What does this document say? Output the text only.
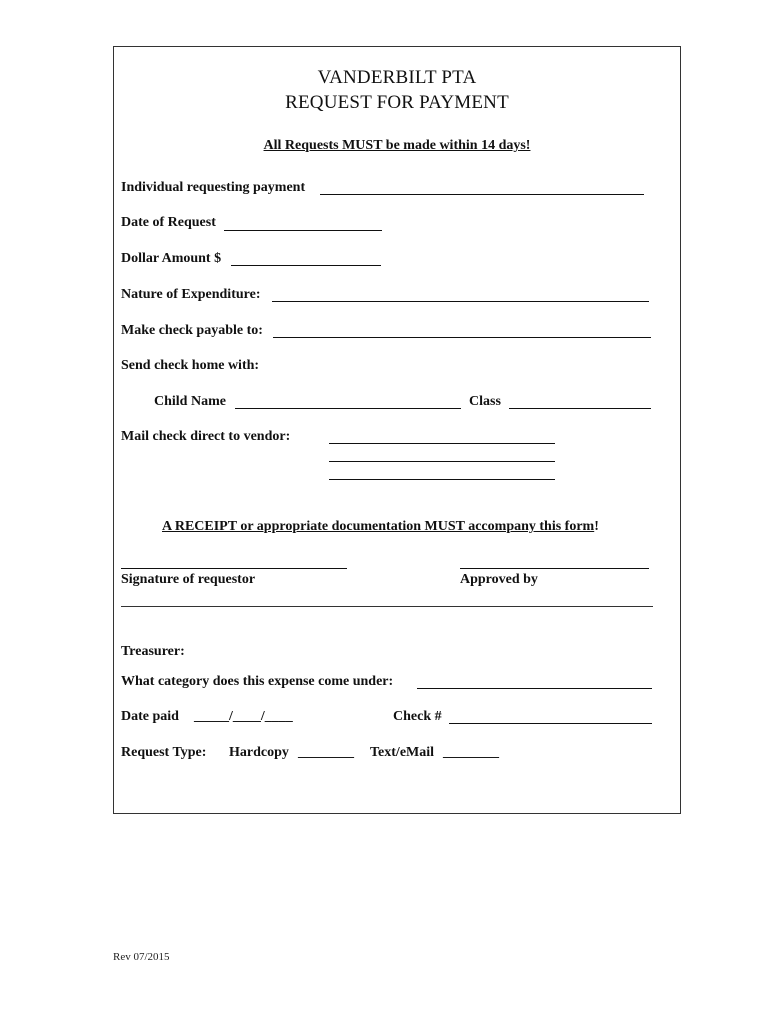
VANDERBILT PTA
REQUEST FOR PAYMENT
All Requests MUST be made within 14 days!
Individual requesting payment
Date of Request
Dollar Amount $
Nature of Expenditure:
Make check payable to:
Send check home with:
Child Name	Class
Mail check direct to vendor:
A RECEIPT or appropriate documentation MUST accompany this form!
Signature of requestor	Approved by
Treasurer:
What category does this expense come under:
Date paid _____/____/____	Check #
Request Type: Hardcopy ________ Text/eMail ________
Rev 07/2015
